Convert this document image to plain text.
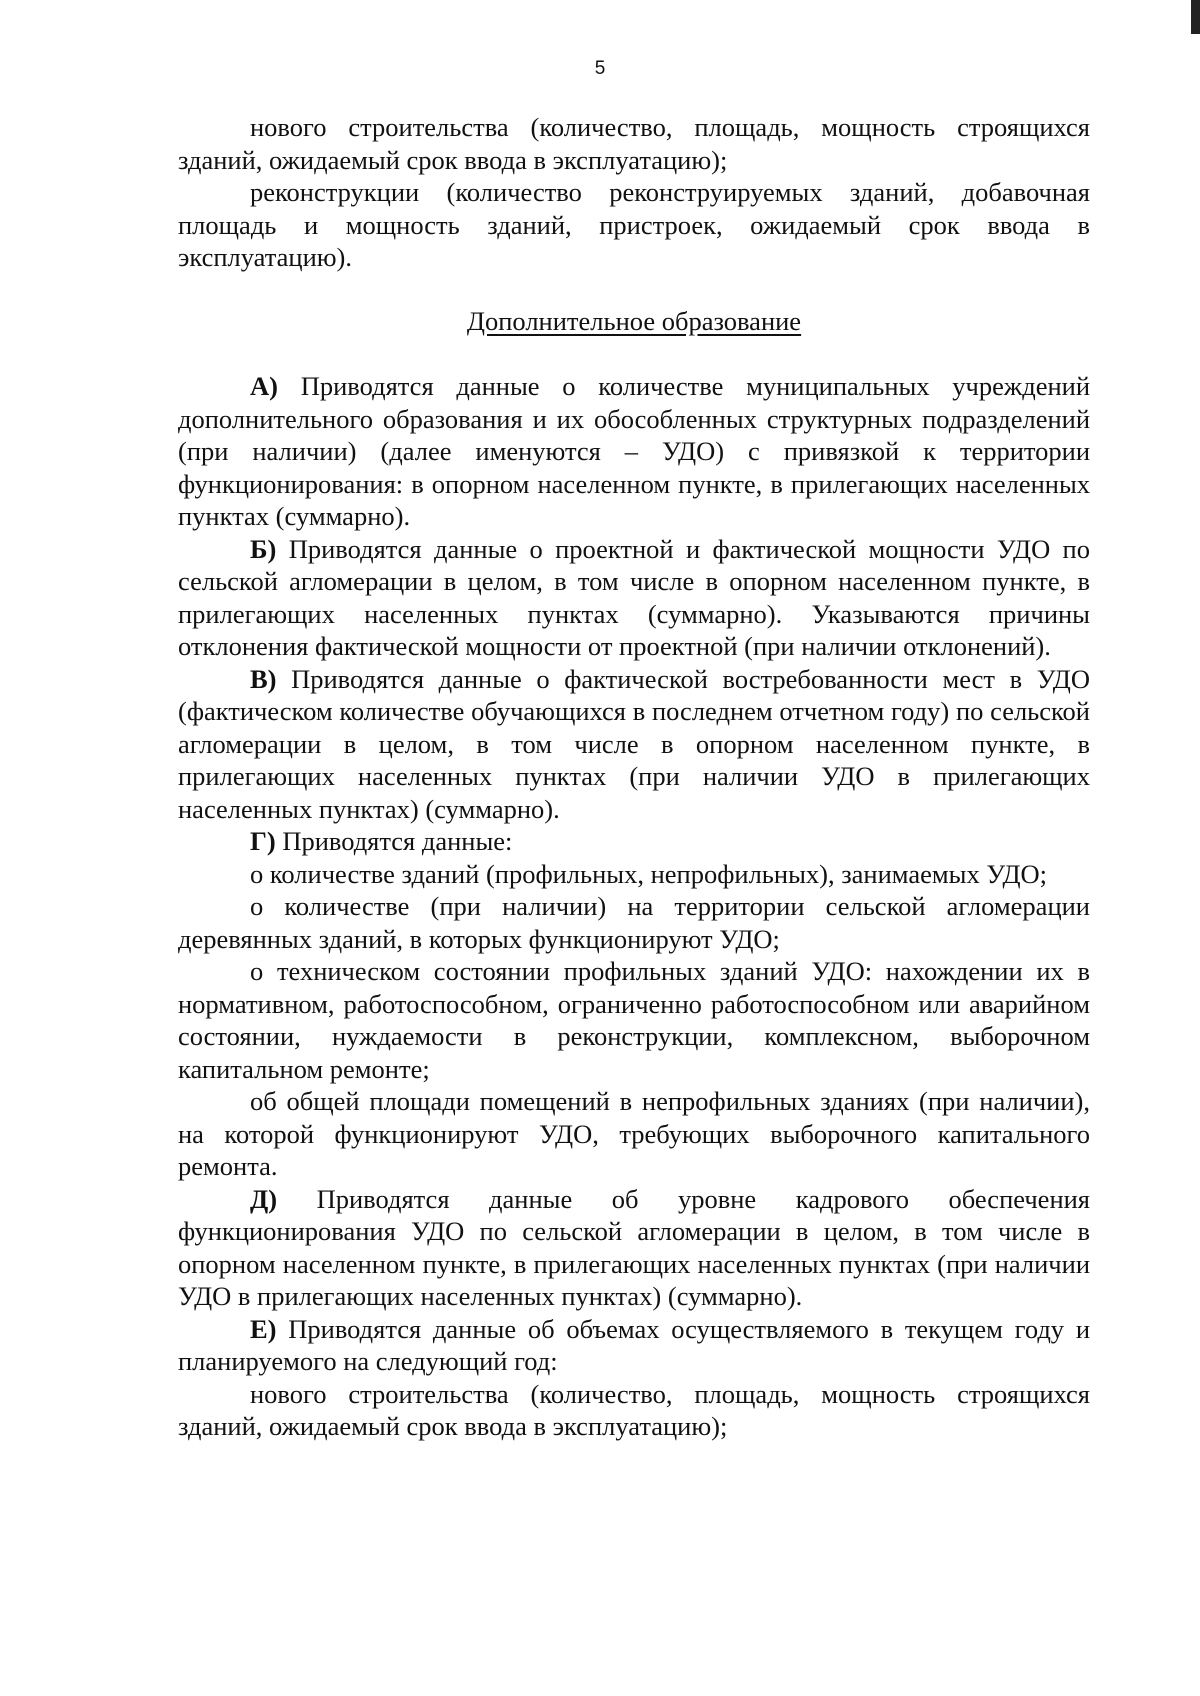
5

нового строительства (количество, площадь, мощность строящихся зданий, ожидаемый срок ввода в эксплуатацию);

реконструкции (количество реконструируемых зданий, добавочная площадь и мощность зданий, пристроек, ожидаемый срок ввода в эксплуатацию).

Дополнительное образование

А) Приводятся данные о количестве муниципальных учреждений дополнительного образования и их обособленных структурных подразделений (при наличии) (далее именуются – УДО) с привязкой к территории функционирования: в опорном населенном пункте, в прилегающих населенных пунктах (суммарно).

Б) Приводятся данные о проектной и фактической мощности УДО по сельской агломерации в целом, в том числе в опорном населенном пункте, в прилегающих населенных пунктах (суммарно). Указываются причины отклонения фактической мощности от проектной (при наличии отклонений).

В) Приводятся данные о фактической востребованности мест в УДО (фактическом количестве обучающихся в последнем отчетном году) по сельской агломерации в целом, в том числе в опорном населенном пункте, в прилегающих населенных пунктах (при наличии УДО в прилегающих населенных пунктах) (суммарно).

Г) Приводятся данные:

о количестве зданий (профильных, непрофильных), занимаемых УДО;

о количестве (при наличии) на территории сельской агломерации деревянных зданий, в которых функционируют УДО;

о техническом состоянии профильных зданий УДО: нахождении их в нормативном, работоспособном, ограниченно работоспособном или аварийном состоянии, нуждаемости в реконструкции, комплексном, выборочном капитальном ремонте;

об общей площади помещений в непрофильных зданиях (при наличии), на которой функционируют УДО, требующих выборочного капитального ремонта.

Д) Приводятся данные об уровне кадрового обеспечения функционирования УДО по сельской агломерации в целом, в том числе в опорном населенном пункте, в прилегающих населенных пунктах (при наличии УДО в прилегающих населенных пунктах) (суммарно).

Е) Приводятся данные об объемах осуществляемого в текущем году и планируемого на следующий год:

нового строительства (количество, площадь, мощность строящихся зданий, ожидаемый срок ввода в эксплуатацию);
